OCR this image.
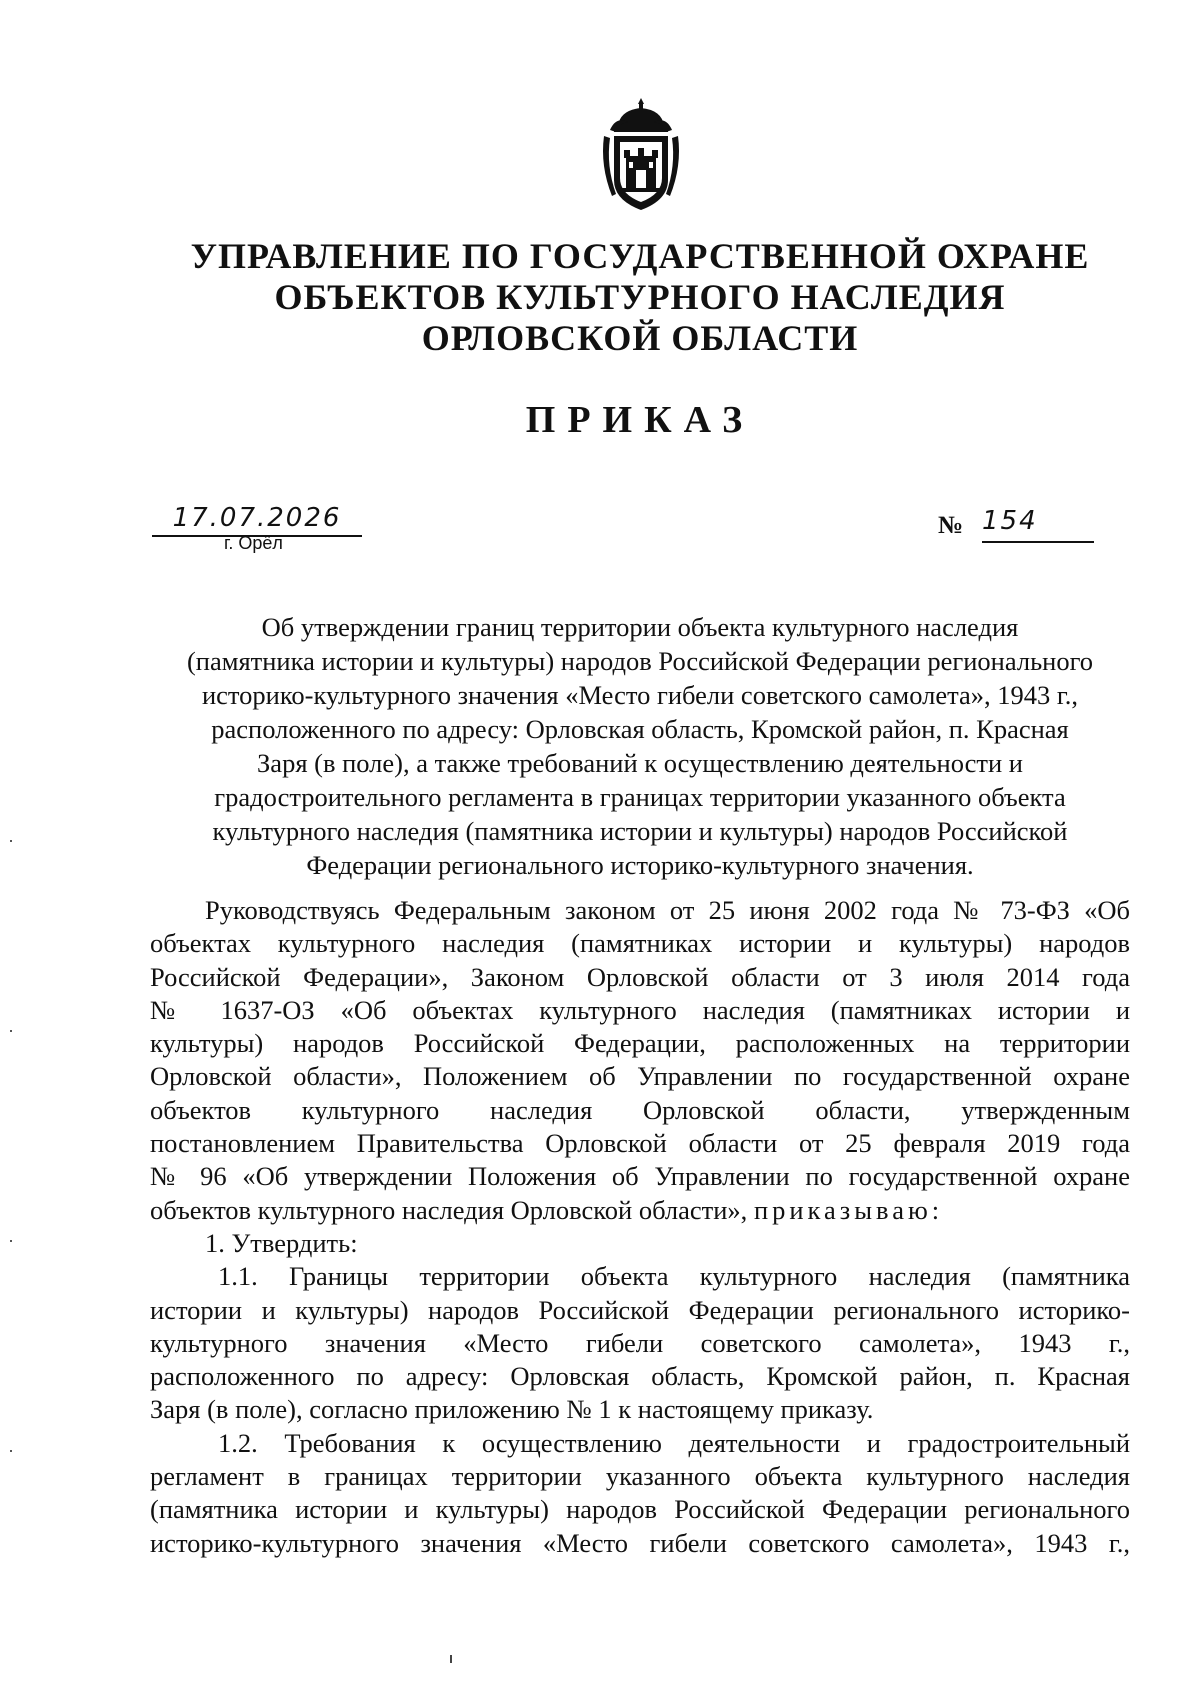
УПРАВЛЕНИЕ ПО ГОСУДАРСТВЕННОЙ ОХРАНЕ
ОБЪЕКТОВ КУЛЬТУРНОГО НАСЛЕДИЯ
ОРЛОВСКОЙ ОБЛАСТИ
ПРИКАЗ
17.07.2026
г. Орёл
№ 154
Об утверждении границ территории объекта культурного наследия
(памятника истории и культуры) народов Российской Федерации регионального
историко-культурного значения «Место гибели советского самолета», 1943 г.,
расположенного по адресу: Орловская область, Кромской район, п. Красная
Заря (в поле), а также требований к осуществлению деятельности и
градостроительного регламента в границах территории указанного объекта
культурного наследия (памятника истории и культуры) народов Российской
Федерации регионального историко-культурного значения.
Руководствуясь Федеральным законом от 25 июня 2002 года № 73-ФЗ «Об
объектах культурного наследия (памятниках истории и культуры) народов
Российской Федерации», Законом Орловской области от 3 июля 2014 года
№ 1637-ОЗ «Об объектах культурного наследия (памятниках истории и
культуры) народов Российской Федерации, расположенных на территории
Орловской области», Положением об Управлении по государственной охране
объектов культурного наследия Орловской области, утвержденным
постановлением Правительства Орловской области от 25 февраля 2019 года
№ 96 «Об утверждении Положения об Управлении по государственной охране
объектов культурного наследия Орловской области», приказываю:
1. Утвердить:
1.1. Границы территории объекта культурного наследия (памятника
истории и культуры) народов Российской Федерации регионального историко-
культурного значения «Место гибели советского самолета», 1943 г.,
расположенного по адресу: Орловская область, Кромской район, п. Красная
Заря (в поле), согласно приложению № 1 к настоящему приказу.
1.2. Требования к осуществлению деятельности и градостроительный
регламент в границах территории указанного объекта культурного наследия
(памятника истории и культуры) народов Российской Федерации регионального
историко-культурного значения «Место гибели советского самолета», 1943 г.,
